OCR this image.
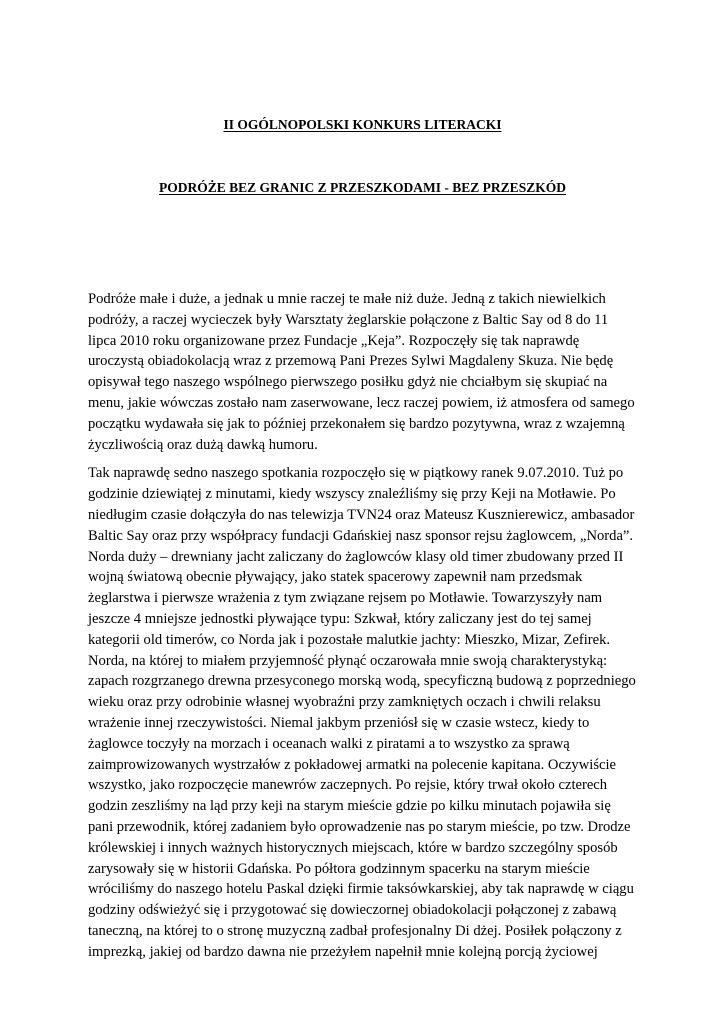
II OGÓLNOPOLSKI KONKURS LITERACKI
PODRÓŻE BEZ GRANIC Z PRZESZKODAMI - BEZ PRZESZKÓD

Podróże małe i duże, a jednak u mnie raczej te małe niż duże. Jedną z takich niewielkich podróży, a raczej wycieczek były Warsztaty żeglarskie połączone z Baltic Say od 8 do 11 lipca 2010 roku organizowane przez Fundacje „Keja”. Rozpoczęły się tak naprawdę uroczystą obiadokolacją wraz z przemową Pani Prezes Sylwi Magdaleny Skuza. Nie będę opisywał tego naszego wspólnego pierwszego posiłku gdyż nie chciałbym się skupiać na menu, jakie wówczas zostało nam zaserwowane, lecz raczej powiem, iż atmosfera od samego początku wydawała się jak to później przekonałem się bardzo pozytywna, wraz z wzajemną życzliwością oraz dużą dawką humoru.

Tak naprawdę sedno naszego spotkania rozpoczęło się w piątkowy ranek 9.07.2010. Tuż po godzinie dziewiątej z minutami, kiedy wszyscy znaleźliśmy się przy Keji na Motławie. Po niedługim czasie dołączyła do nas telewizja TVN24 oraz Mateusz Kusznierewicz, ambasador Baltic Say oraz przy współpracy fundacji Gdańskiej nasz sponsor rejsu żaglowcem, „Norda”. Norda duży – drewniany jacht zaliczany do żaglowców klasy old timer zbudowany przed II wojną światową obecnie pływający, jako statek spacerowy zapewnił nam przedsmak żeglarstwa i pierwsze wrażenia z tym związane rejsem po Motławie. Towarzyszyły nam jeszcze 4 mniejsze jednostki pływające typu: Szkwał, który zaliczany jest do tej samej kategorii old timerów, co Norda jak i pozostałe malutkie jachty: Mieszko, Mizar, Zefirek. Norda, na której to miałem przyjemność płynąć oczarowała mnie swoją charakterystyką: zapach rozgrzanego drewna przesyconego morską wodą, specyficzną budową z poprzedniego wieku oraz przy odrobinie własnej wyobraźni przy zamkniętych oczach i chwili relaksu wrażenie innej rzeczywistości. Niemal jakbym przeniósł się w czasie wstecz, kiedy to żaglowce toczyły na morzach i oceanach walki z piratami a to wszystko za sprawą zaimprowizowanych wystrzałów z pokładowej armatki na polecenie kapitana. Oczywiście wszystko, jako rozpoczęcie manewrów zaczepnych. Po rejsie, który trwał około czterech godzin zeszliśmy na ląd przy keji na starym mieście gdzie po kilku minutach pojawiła się pani przewodnik, której zadaniem było oprowadzenie nas po starym mieście, po tzw. Drodze królewskiej i innych ważnych historycznych miejscach, które w bardzo szczególny sposób zarysowały się w historii Gdańska. Po półtora godzinnym spacerku na starym mieście wróciliśmy do naszego hotelu Paskal dzięki firmie taksówkarskiej, aby tak naprawdę w ciągu godziny odświeżyć się i przygotować się dowieczornej obiadokolacji połączonej z zabawą taneczną, na której to o stronę muzyczną zadbał profesjonalny Di dżej. Posiłek połączony z imprezką, jakiej od bardzo dawna nie przeżyłem napełnił mnie kolejną porcją życiowej
